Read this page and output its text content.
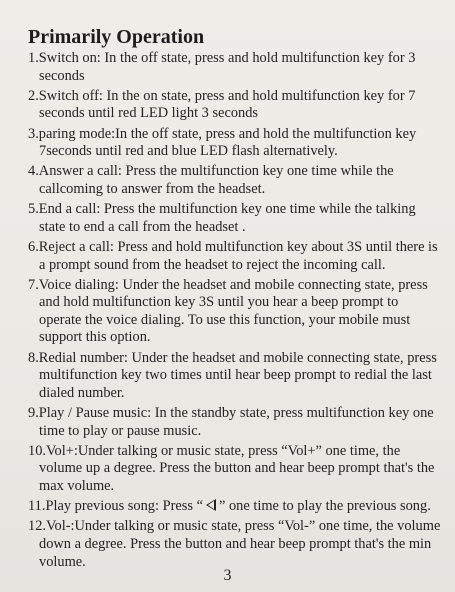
Primarily Operation

1.Switch on: In the off state, press and hold multifunction key for 3 seconds

2.Switch off: In the on state, press and hold multifunction key for 7 seconds until red LED light 3 seconds

3.paring mode:In the off state, press and hold the multifunction key 7seconds until red and blue LED flash alternatively.

4.Answer a call: Press the multifunction key one time while the callcoming to answer from the headset.

5.End a call: Press the multifunction key one time while the talking state to end a call from the headset .

6.Reject a call: Press and hold multifunction key about 3S until there is a prompt sound from the headset to reject the incoming call.

7.Voice dialing: Under the headset and mobile connecting state, press and hold multifunction key 3S until you hear a beep prompt to operate the voice dialing. To use this function, your mobile must support this option.

8.Redial number: Under the headset and mobile connecting state, press multifunction key two times until hear beep prompt to redial the last dialed number.

9.Play / Pause music: In the standby state, press multifunction key one time to play or pause music.

10.Vol+:Under talking or music state, press “Vol+” one time, the volume up a degree. Press the button and hear beep prompt that's the max volume.

11.Play previous song: Press “ ” one time to play the previous song.

12.Vol-:Under talking or music state, press “Vol-” one time, the volume down a degree. Press the button and hear beep prompt that's the min volume.

3
